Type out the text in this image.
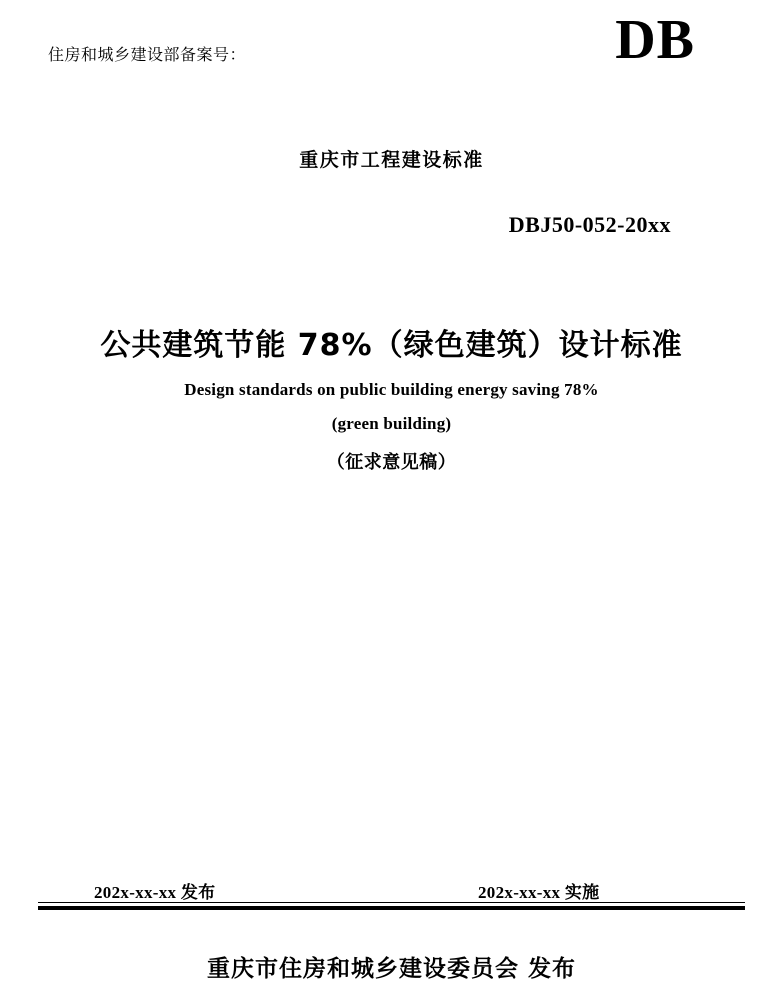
住房和城乡建设部备案号：	DB
重庆市工程建设标准
DBJ50-052-20xx
公共建筑节能 78%（绿色建筑）设计标准
Design standards on public building energy saving 78%
(green building)
（征求意见稿）
202x-xx-xx 发布	202x-xx-xx 实施
重庆市住房和城乡建设委员会 发布
